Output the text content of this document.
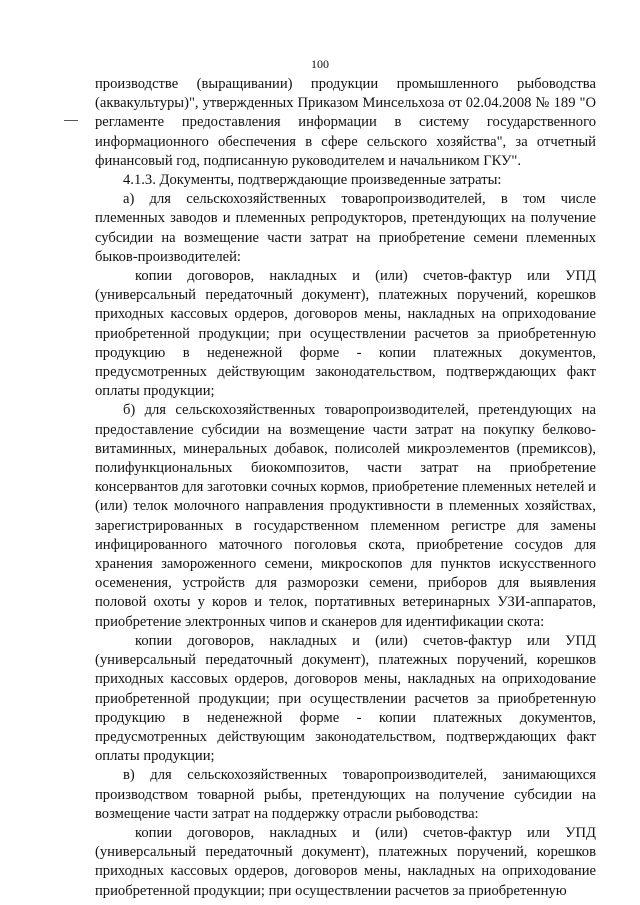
100

производстве (выращивании) продукции промышленного рыбоводства (аквакультуры)", утвержденных Приказом Минсельхоза от 02.04.2008 № 189 "О регламенте предоставления информации в систему государственного информационного обеспечения в сфере сельского хозяйства", за отчетный финансовый год, подписанную руководителем и начальником ГКУ".

4.1.3. Документы, подтверждающие произведенные затраты:

а) для сельскохозяйственных товаропроизводителей, в том числе племенных заводов и племенных репродукторов, претендующих на получение субсидии на возмещение части затрат на приобретение семени племенных быков-производителей:

копии договоров, накладных и (или) счетов-фактур или УПД (универсальный передаточный документ), платежных поручений, корешков приходных кассовых ордеров, договоров мены, накладных на оприходование приобретенной продукции; при осуществлении расчетов за приобретенную продукцию в неденежной форме - копии платежных документов, предусмотренных действующим законодательством, подтверждающих факт оплаты продукции;

б) для сельскохозяйственных товаропроизводителей, претендующих на предоставление субсидии на возмещение части затрат на покупку белково-витаминных, минеральных добавок, полисолей микроэлементов (премиксов), полифункциональных биокомпозитов, части затрат на приобретение консервантов для заготовки сочных кормов, приобретение племенных нетелей и (или) телок молочного направления продуктивности в племенных хозяйствах, зарегистрированных в государственном племенном регистре для замены инфицированного маточного поголовья скота, приобретение сосудов для хранения замороженного семени, микроскопов для пунктов искусственного осеменения, устройств для разморозки семени, приборов для выявления половой охоты у коров и телок, портативных ветеринарных УЗИ-аппаратов, приобретение электронных чипов и сканеров для идентификации скота:

копии договоров, накладных и (или) счетов-фактур или УПД (универсальный передаточный документ), платежных поручений, корешков приходных кассовых ордеров, договоров мены, накладных на оприходование приобретенной продукции; при осуществлении расчетов за приобретенную продукцию в неденежной форме - копии платежных документов, предусмотренных действующим законодательством, подтверждающих факт оплаты продукции;

в) для сельскохозяйственных товаропроизводителей, занимающихся производством товарной рыбы, претендующих на получение субсидии на возмещение части затрат на поддержку отрасли рыбоводства:

копии договоров, накладных и (или) счетов-фактур или УПД (универсальный передаточный документ), платежных поручений, корешков приходных кассовых ордеров, договоров мены, накладных на оприходование приобретенной продукции; при осуществлении расчетов за приобретенную
